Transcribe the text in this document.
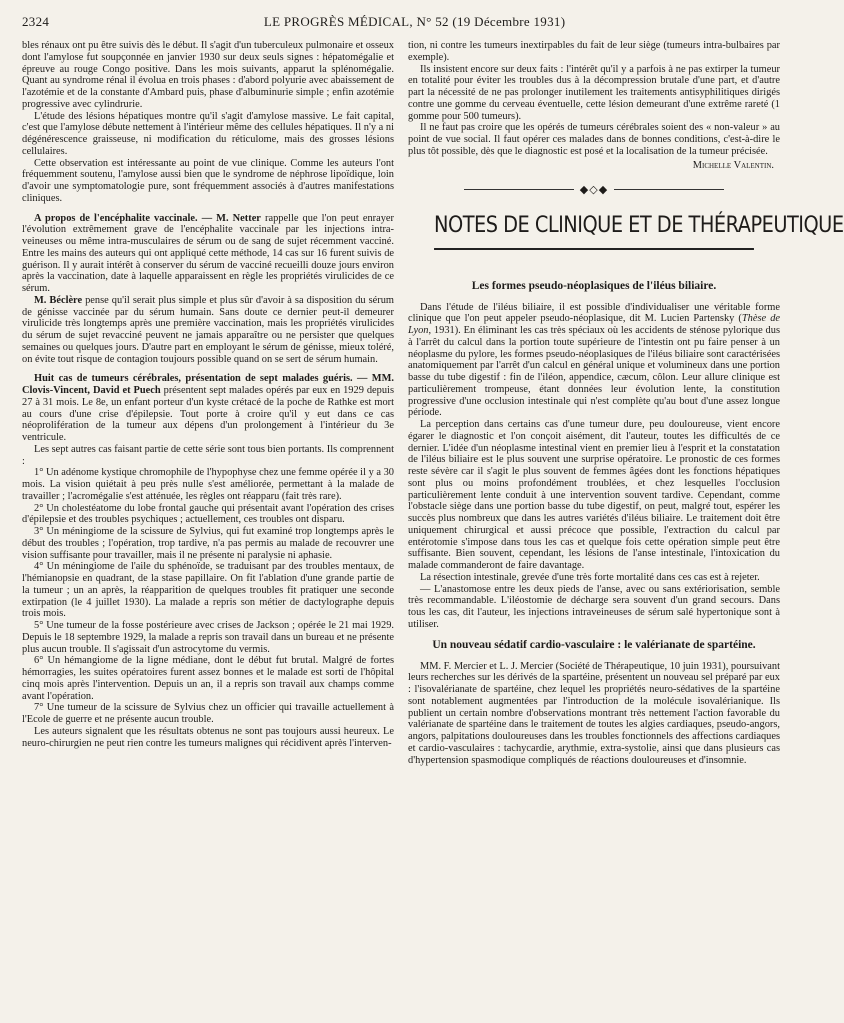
2324	LE PROGRÈS MÉDICAL, N° 52 (19 Décembre 1931)

bles rénaux ont pu être suivis dès le début. Il s'agit d'un tuberculeux pulmonaire et osseux dont l'amylose fut soupçonnée en janvier 1930 sur deux seuls signes : hépatomégalie et épreuve au rouge Congo positive. Dans les mois suivants, apparut la splénomégalie. Quant au syndrome rénal il évolua en trois phases : d'abord polyurie avec abaissement de l'azotémie et de la constante d'Ambard puis, phase d'albuminurie simple ; enfin azotémie progressive avec cylindrurie.

L'étude des lésions hépatiques montre qu'il s'agit d'amylose massive. Le fait capital, c'est que l'amylose débute nettement à l'intérieur même des cellules hépatiques. Il n'y a ni dégénérescence graisseuse, ni modification du réticulome, mais des grosses lésions cellulaires.

Cette observation est intéressante au point de vue clinique. Comme les auteurs l'ont fréquemment soutenu, l'amylose aussi bien que le syndrome de néphrose lipoïdique, loin d'avoir une symptomatologie pure, sont fréquemment associés à d'autres manifestations cliniques.

A propos de l'encéphalite vaccinale. — M. Netter rappelle que l'on peut enrayer l'évolution extrêmement grave de l'encéphalite vaccinale par les injections intra-veineuses ou même intra-musculaires de sérum ou de sang de sujet récemment vacciné. Entre les mains des auteurs qui ont appliqué cette méthode, 14 cas sur 16 furent suivis de guérison. Il y aurait intérêt à conserver du sérum de vacciné recueilli douze jours environ après la vaccination, date à laquelle apparaissent en règle les propriétés virulicides de ce sérum.

M. Béclère pense qu'il serait plus simple et plus sûr d'avoir à sa disposition du sérum de génisse vaccinée par du sérum humain. Sans doute ce dernier peut-il demeurer virulicide très longtemps après une première vaccination, mais les propriétés virulicides du sérum de sujet revacciné peuvent ne jamais apparaître ou ne persister que quelques semaines ou quelques jours. D'autre part en employant le sérum de génisse, mieux toléré, on évite tout risque de contagion toujours possible quand on se sert de sérum humain.

Huit cas de tumeurs cérébrales, présentation de sept malades guéris. — MM. Clovis-Vincent, David et Puech présentent sept malades opérés par eux en 1929 depuis 27 à 31 mois. Le 8e, un enfant porteur d'un kyste crétacé de la poche de Rathke est mort au cours d'une crise d'épilepsie. Tout porte à croire qu'il y eut dans ce cas néoprolifération de la tumeur aux dépens d'un prolongement à l'intérieur du 3e ventricule.

Les sept autres cas faisant partie de cette série sont tous bien portants. Ils comprennent :

1° Un adénome kystique chromophile de l'hypophyse chez une femme opérée il y a 30 mois. La vision quiétait à peu près nulle s'est améliorée, permettant à la malade de travailler ; l'acromégalie s'est atténuée, les règles ont réapparu (fait très rare).

2° Un cholestéatome du lobe frontal gauche qui présentait avant l'opération des crises d'épilepsie et des troubles psychiques ; actuellement, ces troubles ont disparu.

3° Un méningiome de la scissure de Sylvius, qui fut examiné trop longtemps après le début des troubles ; l'opération, trop tardive, n'a pas permis au malade de recouvrer une vision suffisante pour travailler, mais il ne présente ni paralysie ni aphasie.

4° Un méningiome de l'aile du sphénoïde, se traduisant par des troubles mentaux, de l'hémianopsie en quadrant, de la stase papillaire. On fit l'ablation d'une grande partie de la tumeur ; un an après, la réapparition de quelques troubles fit pratiquer une seconde extirpation (le 4 juillet 1930). La malade a repris son métier de dactylographe depuis trois mois.

5° Une tumeur de la fosse postérieure avec crises de Jackson ; opérée le 21 mai 1929. Depuis le 18 septembre 1929, la malade a repris son travail dans un bureau et ne présente plus aucun trouble. Il s'agissait d'un astrocytome du vermis.

6° Un hémangiome de la ligne médiane, dont le début fut brutal. Malgré de fortes hémorragies, les suites opératoires furent assez bonnes et le malade est sorti de l'hôpital cinq mois après l'intervention. Depuis un an, il a repris son travail aux champs comme avant l'opération.

7° Une tumeur de la scissure de Sylvius chez un officier qui travaille actuellement à l'Ecole de guerre et ne présente aucun trouble.

Les auteurs signalent que les résultats obtenus ne sont pas toujours aussi heureux. Le neuro-chirurgien ne peut rien contre les tumeurs malignes qui récidivent après l'interven-

tion, ni contre les tumeurs inextirpables du fait de leur siège (tumeurs intra-bulbaires par exemple).

Ils insistent encore sur deux faits : l'intérêt qu'il y a parfois à ne pas extirper la tumeur en totalité pour éviter les troubles dus à la décompression brutale d'une part, et d'autre part la nécessité de ne pas prolonger inutilement les traitements antisyphilitiques dirigés contre une gomme du cerveau éventuelle, cette lésion demeurant d'une extrême rareté (1 gomme pour 500 tumeurs).

Il ne faut pas croire que les opérés de tumeurs cérébrales soient des « non-valeur » au point de vue social. Il faut opérer ces malades dans de bonnes conditions, c'est-à-dire le plus tôt possible, dès que le diagnostic est posé et la localisation de la tumeur précisée.

Michelle Valentin.
◆◇◆
NOTES DE CLINIQUE ET DE THÉRAPEUTIQUE
Les formes pseudo-néoplasiques de l'iléus biliaire.

Dans l'étude de l'iléus biliaire, il est possible d'individualiser une véritable forme clinique que l'on peut appeler pseudo-néoplasique, dit M. Lucien Partensky (Thèse de Lyon, 1931). En éliminant les cas très spéciaux où les accidents de sténose pylorique dus à l'arrêt du calcul dans la portion toute supérieure de l'intestin ont pu faire penser à un néoplasme du pylore, les formes pseudo-néoplasiques de l'iléus biliaire sont caractérisées anatomiquement par l'arrêt d'un calcul en général unique et volumineux dans une portion basse du tube digestif : fin de l'iléon, appendice, cæcum, côlon. Leur allure clinique est particulièrement trompeuse, étant données leur évolution lente, la constitution progressive d'une occlusion intestinale qui n'est complète qu'au bout d'une assez longue période.

La perception dans certains cas d'une tumeur dure, peu douloureuse, vient encore égarer le diagnostic et l'on conçoit aisément, dit l'auteur, toutes les difficultés de ce dernier. L'idée d'un néoplasme intestinal vient en premier lieu à l'esprit et la constatation de l'iléus biliaire est le plus souvent une surprise opératoire. Le pronostic de ces formes reste sévère car il s'agit le plus souvent de femmes âgées dont les fonctions hépatiques sont plus ou moins profondément troublées, et chez lesquelles l'occlusion particulièrement lente conduit à une intervention souvent tardive. Cependant, comme l'obstacle siège dans une portion basse du tube digestif, on peut, malgré tout, espérer les succès plus nombreux que dans les autres variétés d'iléus biliaire. Le traitement doit être uniquement chirurgical et aussi précoce que possible, l'extraction du calcul par entérotomie s'impose dans tous les cas et quelque fois cette opération simple peut être suffisante. Bien souvent, cependant, les lésions de l'anse intestinale, l'intoxication du malade commanderont de faire davantage.

La résection intestinale, grevée d'une très forte mortalité dans ces cas est à rejeter.

— L'anastomose entre les deux pieds de l'anse, avec ou sans extériorisation, semble très recommandable. L'iléostomie de décharge sera souvent d'un grand secours. Dans tous les cas, dit l'auteur, les injections intraveineuses de sérum salé hypertonique sont à utiliser.

Un nouveau sédatif cardio-vasculaire : le valérianate de spartéine.

MM. F. Mercier et L. J. Mercier (Société de Thérapeutique, 10 juin 1931), poursuivant leurs recherches sur les dérivés de la spartéine, présentent un nouveau sel préparé par eux : l'isovalérianate de spartéine, chez lequel les propriétés neuro-sédatives de la spartéine sont notablement augmentées par l'introduction de la molécule isovalérianique. Ils publient un certain nombre d'observations montrant très nettement l'action favorable du valérianate de spartéine dans le traitement de toutes les algies cardiaques, pseudo-angors, angors, palpitations douloureuses dans les troubles fonctionnels des affections cardiaques et cardio-vasculaires : tachycardie, arythmie, extra-systolie, ainsi que dans plusieurs cas d'hypertension spasmodique compliqués de réactions douloureuses et d'insomnie.
